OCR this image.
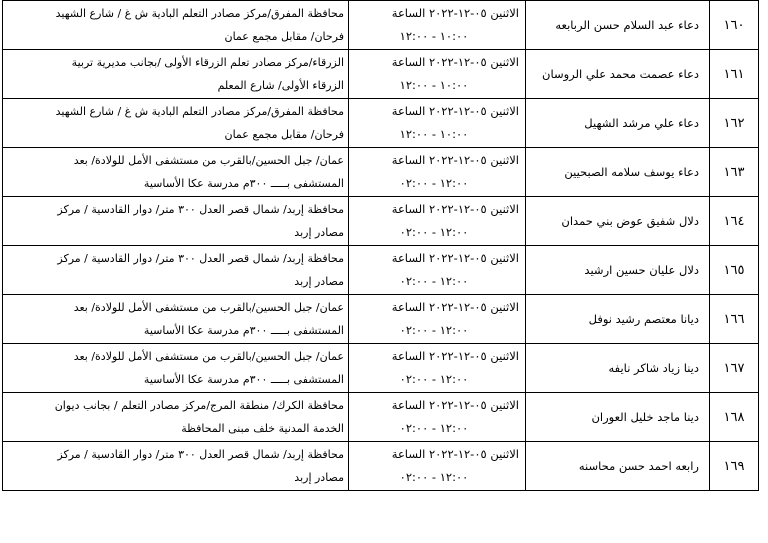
١٦٠	دعاء عبد السلام حسن الربابعه	الاثنين ٠٥-١٢-٢٠٢٢ الساعة
١٠:٠٠ - ١٢:٠٠	محافظة المفرق/مركز مصادر التعلم البادية ش غ / شارع الشهيد
فرحان/ مقابل مجمع عمان

١٦١	دعاء عصمت محمد علي الروسان	الاثنين ٠٥-١٢-٢٠٢٢ الساعة
١٠:٠٠ - ١٢:٠٠	الزرقاء/مركز مصادر تعلم الزرقاء الأولى /بجانب مديرية تربية
الزرقاء الأولى/ شارع المعلم

١٦٢	دعاء علي مرشد الشهيل	الاثنين ٠٥-١٢-٢٠٢٢ الساعة
١٠:٠٠ - ١٢:٠٠	محافظة المفرق/مركز مصادر التعلم البادية ش غ / شارع الشهيد
فرحان/ مقابل مجمع عمان

١٦٣	دعاء يوسف سلامه الصبحيين	الاثنين ٠٥-١٢-٢٠٢٢ الساعة
١٢:٠٠ - ٠٢:٠٠	عمان/ جبل الحسين/بالقرب من مستشفى الأمل للولادة/ بعد
المستشفى بـــــ ٣٠٠م مدرسة عكا الأساسية

١٦٤	دلال شفيق عوض بني حمدان	الاثنين ٠٥-١٢-٢٠٢٢ الساعة
١٢:٠٠ - ٠٢:٠٠	محافظة إربد/ شمال قصر العدل ٣٠٠ متر/ دوار القادسية / مركز
مصادر إربد

١٦٥	دلال عليان حسين ارشيد	الاثنين ٠٥-١٢-٢٠٢٢ الساعة
١٢:٠٠ - ٠٢:٠٠	محافظة إربد/ شمال قصر العدل ٣٠٠ متر/ دوار القادسية / مركز
مصادر إربد

١٦٦	ديانا معتصم رشيد نوفل	الاثنين ٠٥-١٢-٢٠٢٢ الساعة
١٢:٠٠ - ٠٢:٠٠	عمان/ جبل الحسين/بالقرب من مستشفى الأمل للولادة/ بعد
المستشفى بـــــ ٣٠٠م مدرسة عكا الأساسية

١٦٧	دينا زياد شاكر نايفه	الاثنين ٠٥-١٢-٢٠٢٢ الساعة
١٢:٠٠ - ٠٢:٠٠	عمان/ جبل الحسين/بالقرب من مستشفى الأمل للولادة/ بعد
المستشفى بـــــ ٣٠٠م مدرسة عكا الأساسية

١٦٨	دينا ماجد خليل العوران	الاثنين ٠٥-١٢-٢٠٢٢ الساعة
١٢:٠٠ - ٠٢:٠٠	محافظة الكرك/ منطقة المرج/مركز مصادر التعلم / بجانب ديوان
الخدمة المدنية خلف مبنى المحافظة

١٦٩	رابعه احمد حسن محاسنه	الاثنين ٠٥-١٢-٢٠٢٢ الساعة
١٢:٠٠ - ٠٢:٠٠	محافظة إربد/ شمال قصر العدل ٣٠٠ متر/ دوار القادسية / مركز
مصادر إربد
